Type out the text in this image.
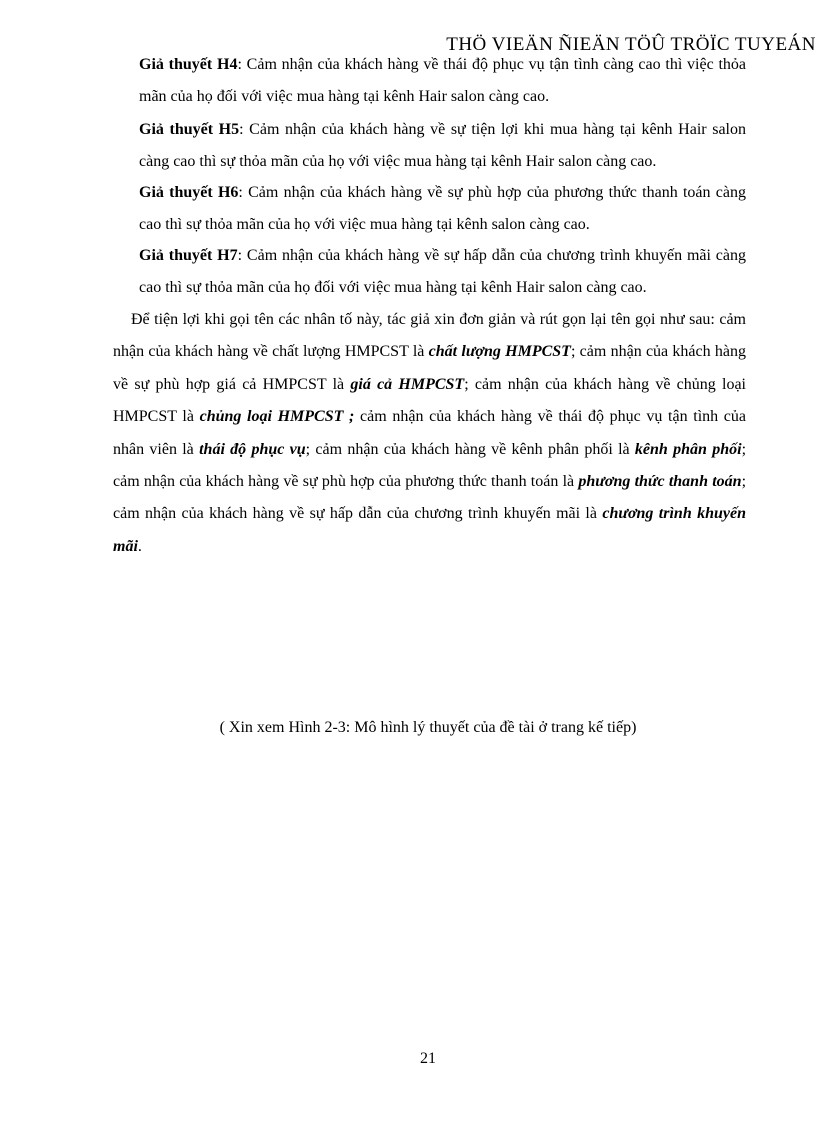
THÖ VIEÄN ÑIEÄN TÖÛ TRÖÏC TUYEÁN

Giả thuyết H4: Cảm nhận của khách hàng về thái độ phục vụ tận tình càng cao thì việc thỏa mãn của họ đối với việc mua hàng tại kênh Hair salon càng cao.

Giả thuyết H5: Cảm nhận của khách hàng về sự tiện lợi khi mua hàng tại kênh Hair salon càng cao thì sự thỏa mãn của họ với việc mua hàng tại kênh Hair salon càng cao.

Giả thuyết H6: Cảm nhận của khách hàng về sự phù hợp của phương thức thanh toán càng cao thì sự thỏa mãn của họ với việc mua hàng tại kênh salon càng cao.

Giả thuyết H7: Cảm nhận của khách hàng về sự hấp dẫn của chương trình khuyến mãi càng cao thì sự thỏa mãn của họ đối với việc mua hàng tại kênh Hair salon càng cao.

Để tiện lợi khi gọi tên các nhân tố này, tác giả xin đơn giản và rút gọn lại tên gọi như sau: cảm nhận của khách hàng về chất lượng HMPCST là chất lượng HMPCST; cảm nhận của khách hàng về sự phù hợp giá cả HMPCST là giá cả HMPCST; cảm nhận của khách hàng về chủng loại HMPCST là chủng loại HMPCST ; cảm nhận của khách hàng về thái độ phục vụ tận tình của nhân viên là thái độ phục vụ; cảm nhận của khách hàng về kênh phân phối là kênh phân phối; cảm nhận của khách hàng về sự phù hợp của phương thức thanh toán là phương thức thanh toán; cảm nhận của khách hàng về sự hấp dẫn của chương trình khuyến mãi là chương trình khuyến mãi.

( Xin xem Hình 2-3: Mô hình lý thuyết của đề tài ở trang kế tiếp)

21
